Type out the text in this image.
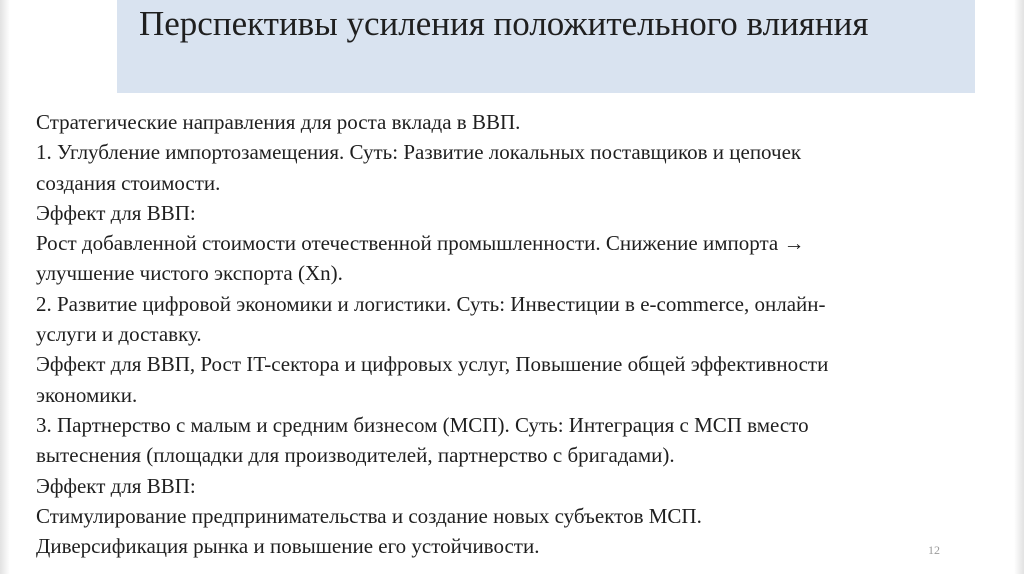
Перспективы усиления положительного влияния
Стратегические направления для роста вклада в ВВП.
1. Углубление импортозамещения. Суть: Развитие локальных поставщиков и цепочек
создания стоимости.
Эффект для ВВП:
Рост добавленной стоимости отечественной промышленности. Снижение импорта →
улучшение чистого экспорта (Xn).
2. Развитие цифровой экономики и логистики. Суть: Инвестиции в e-commerce, онлайн-
услуги и доставку.
Эффект для ВВП, Рост IT-сектора и цифровых услуг, Повышение общей эффективности
экономики.
3. Партнерство с малым и средним бизнесом (МСП). Суть: Интеграция с МСП вместо
вытеснения (площадки для производителей, партнерство с бригадами).
Эффект для ВВП:
Стимулирование предпринимательства и создание новых субъектов МСП.
Диверсификация рынка и повышение его устойчивости.	12
